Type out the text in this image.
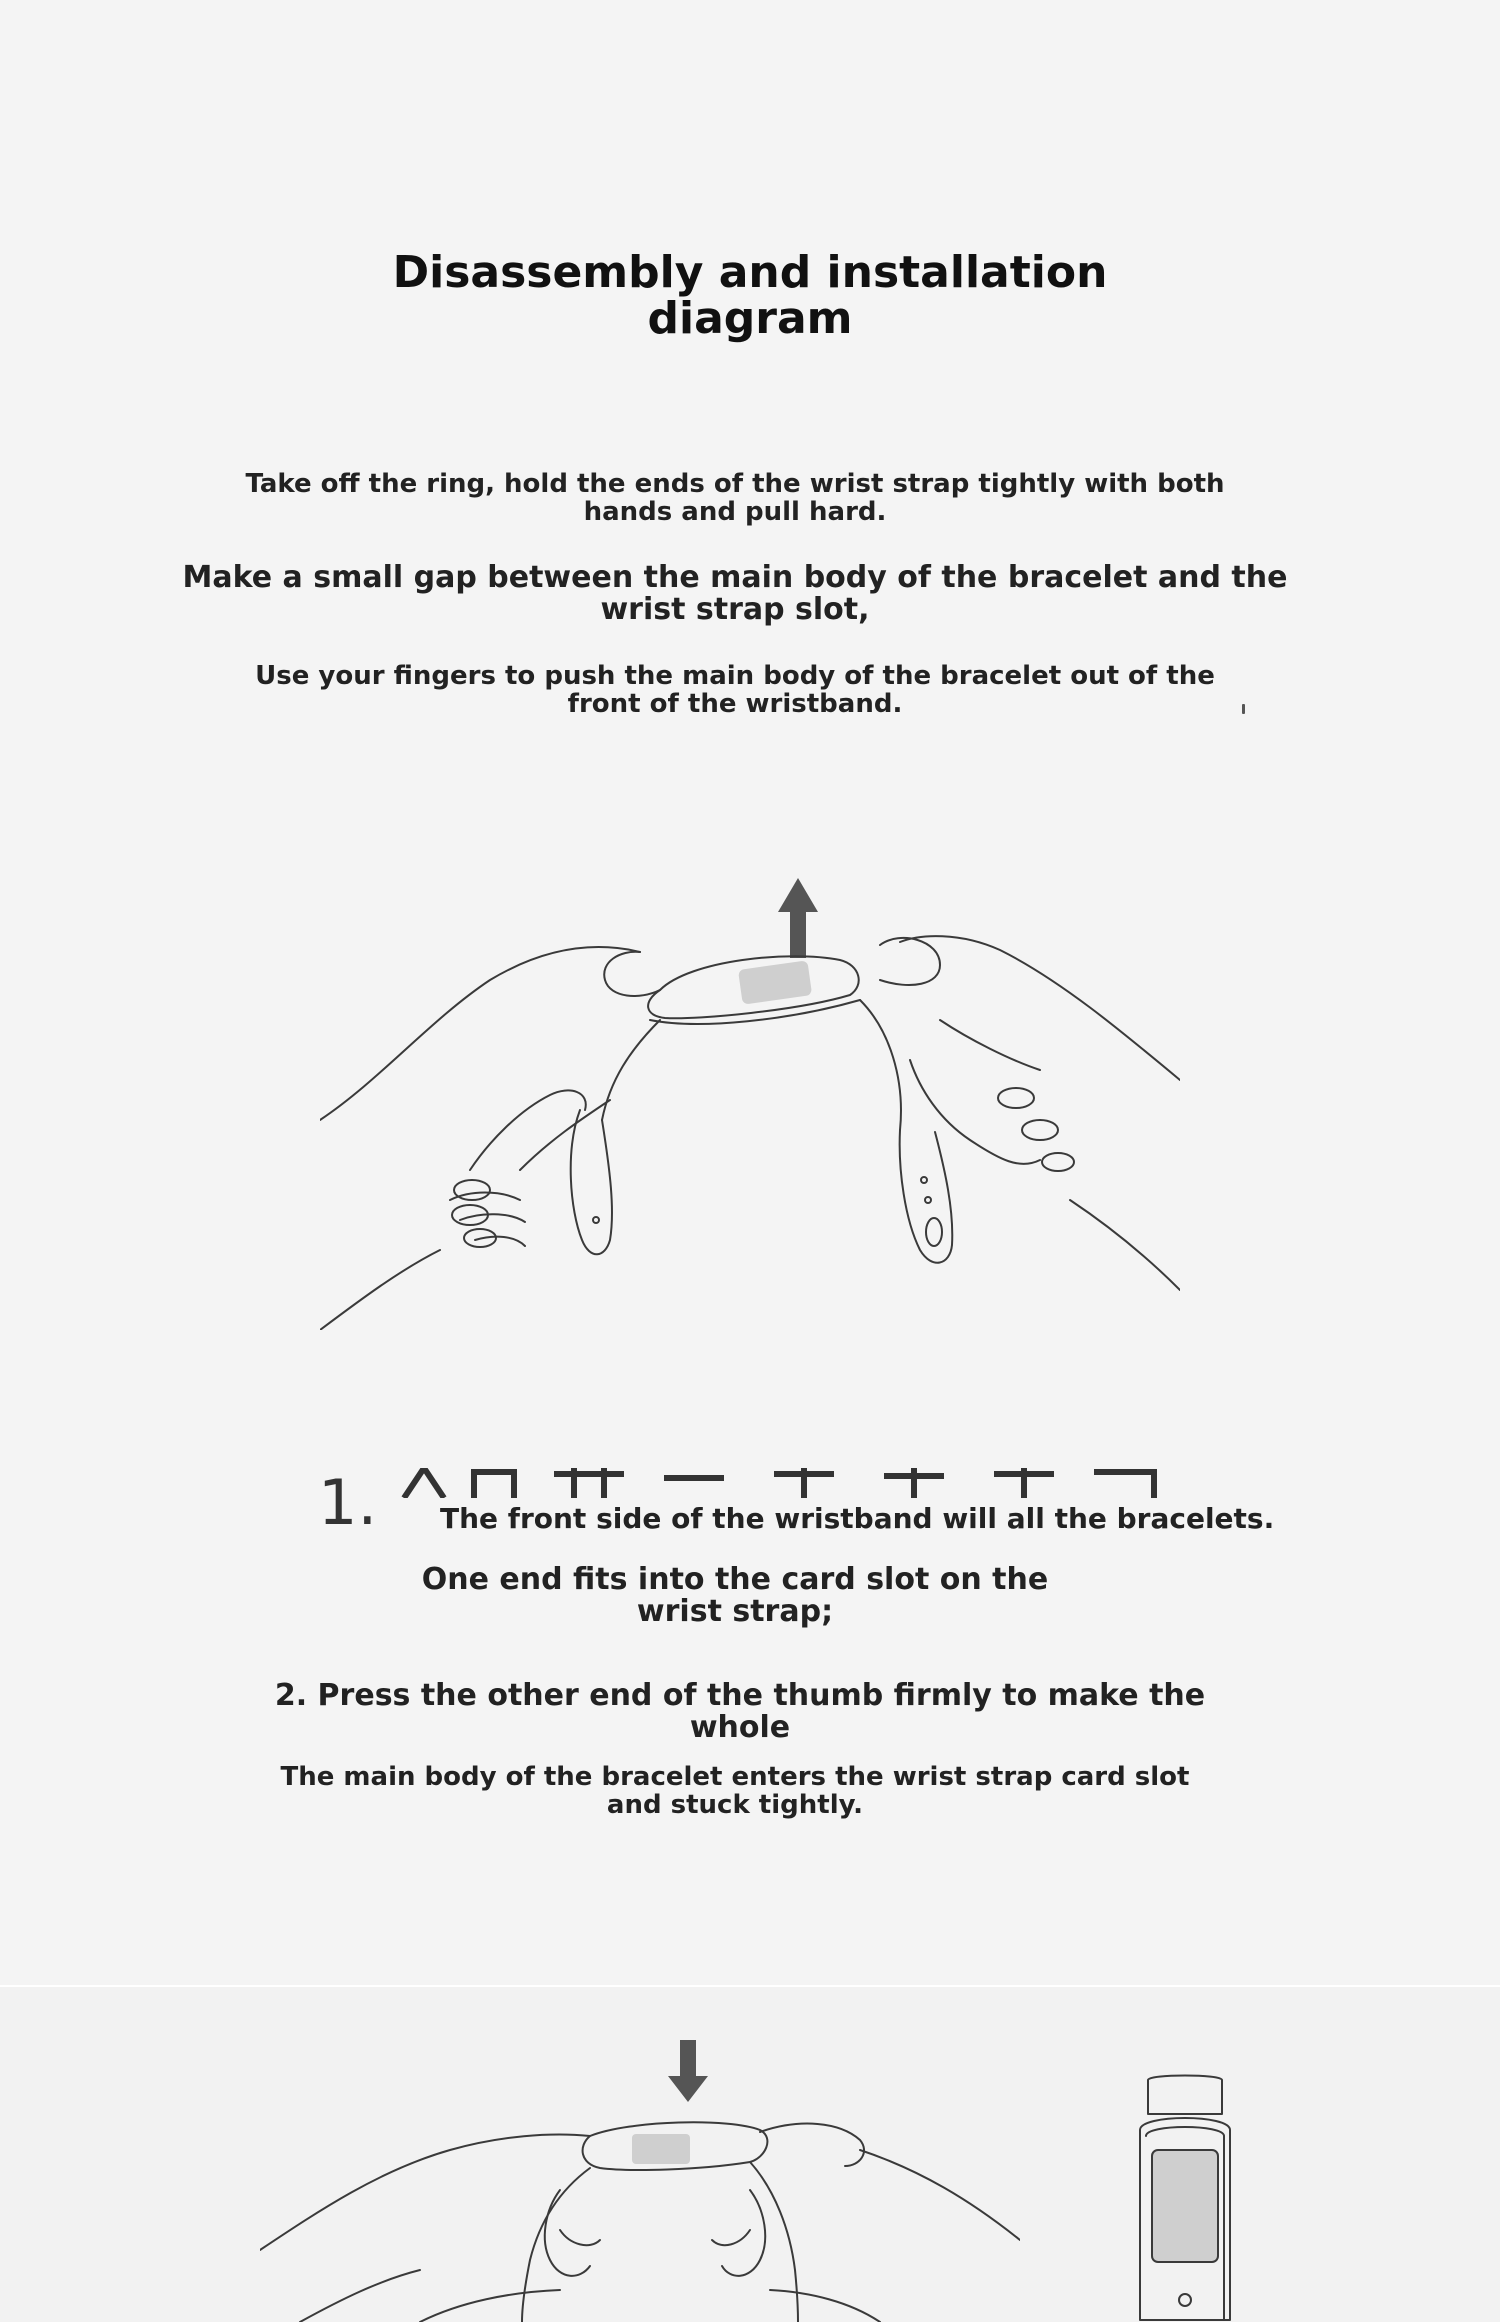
Disassembly and installation diagram
Take off the ring, hold the ends of the wrist strap tightly with both hands and pull hard.
Make a small gap between the main body of the bracelet and the wrist strap slot,
Use your fingers to push the main body of the bracelet out of the front of the wristband.
1. The front side of the wristband will all the bracelets.
One end fits into the card slot on the wrist strap;
2. Press the other end of the thumb firmly to make the whole
The main body of the bracelet enters the wrist strap card slot and stuck tightly.
